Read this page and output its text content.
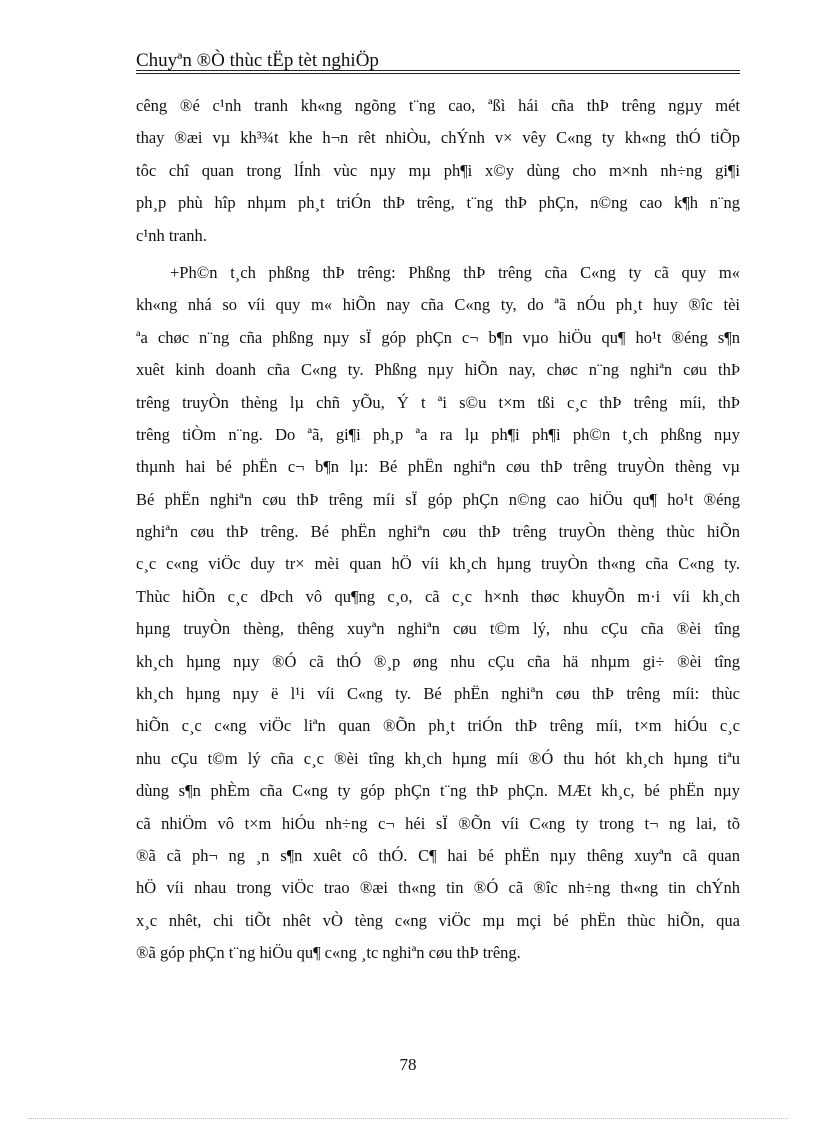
Chuyªn ®Ò thùc tËp tèt nghiÖp
cêng ®é c¹nh tranh kh«ng ngõng t¨ng cao, ªßì hái cña thÞ trêng ngµy mét
thay ®æi vµ kh³¾t khe h¬n rêt nhiÒu, chÝnh v× vêy C«ng ty kh«ng thÓ tiÕp
tôc chî quan trong lÍnh vùc nµy mµ ph¶i x©y dùng cho m×nh nh÷ng gi¶i
ph¸p phù hîp nhµm ph¸t triÓn thÞ trêng, t¨ng thÞ phÇn, n©ng cao k¶h n¨ng
c¹nh tranh.
+Ph©n t¸ch phßng thÞ trêng: Phßng thÞ trêng cña C«ng ty cã quy m«
kh«ng nhá so víi quy m« hiÕn nay cña C«ng ty, do ªã nÓu ph¸t huy ®îc tèi
ªa chøc n¨ng cña phßng nµy sÏ góp phÇn c¬ b¶n vµo hiÖu qu¶ ho¹t ®éng s¶n
xuêt kinh doanh cña C«ng ty. Phßng nµy hiÕn nay, chøc n¨ng nghiªn cøu thÞ
trêng truyÒn thèng lµ chñ yÕu, Ý t ªi s©u t×m tßi c¸c thÞ trêng míi, thÞ
trêng tiÒm n¨ng. Do ªã, gi¶i ph¸p ªa ra lµ ph¶i ph¶i ph©n t¸ch phßng nµy
thµnh hai bé phËn c¬ b¶n lµ: Bé phËn nghiªn cøu thÞ trêng truyÒn thèng vµ
Bé phËn nghiªn cøu thÞ trêng míi sÏ góp phÇn n©ng cao hiÖu qu¶ ho¹t ®éng
nghiªn cøu thÞ trêng. Bé phËn nghiªn cøu thÞ trêng truyÒn thèng thùc hiÕn
c¸c c«ng viÖc duy tr× mèi quan hÖ víi kh¸ch hµng truyÒn th«ng cña C«ng ty.
Thùc hiÕn c¸c dÞch vô qu¶ng c¸o, cã c¸c h×nh thøc khuyÕn m·i víi kh¸ch
hµng truyÒn thèng, thêng xuyªn nghiªn cøu t©m lý, nhu cÇu cña ®èi tîng
kh¸ch hµng nµy ®Ó cã thÓ ®¸p øng nhu cÇu cña hä nhµm gi÷ ®èi tîng
kh¸ch hµng nµy ë l¹i víi C«ng ty. Bé phËn nghiªn cøu thÞ trêng míi: thùc
hiÕn c¸c c«ng viÖc liªn quan ®Õn ph¸t triÓn thÞ trêng míi, t×m hiÓu c¸c
nhu cÇu t©m lý cña c¸c ®èi tîng kh¸ch hµng míi ®Ó thu hót kh¸ch hµng tiªu
dùng s¶n phÈm cña C«ng ty góp phÇn t¨ng thÞ phÇn. MÆt kh¸c, bé phËn nµy
cã nhiÖm vô t×m hiÓu nh÷ng c¬ héi sÏ ®Õn víi C«ng ty trong t¬ ng lai, tõ
®ã cã ph¬ ng ¸n s¶n xuêt cô thÓ. C¶ hai bé phËn nµy thêng xuyªn cã quan
hÖ víi nhau trong viÖc trao ®æi th«ng tin ®Ó cã ®îc nh÷ng th«ng tin chÝnh
x¸c nhêt, chi tiÕt nhêt vÒ tèng c«ng viÖc mµ mçi bé phËn thùc hiÕn, qua
®ã góp phÇn t¨ng hiÖu qu¶ c«ng ¸tc nghiªn cøu thÞ trêng.
78
